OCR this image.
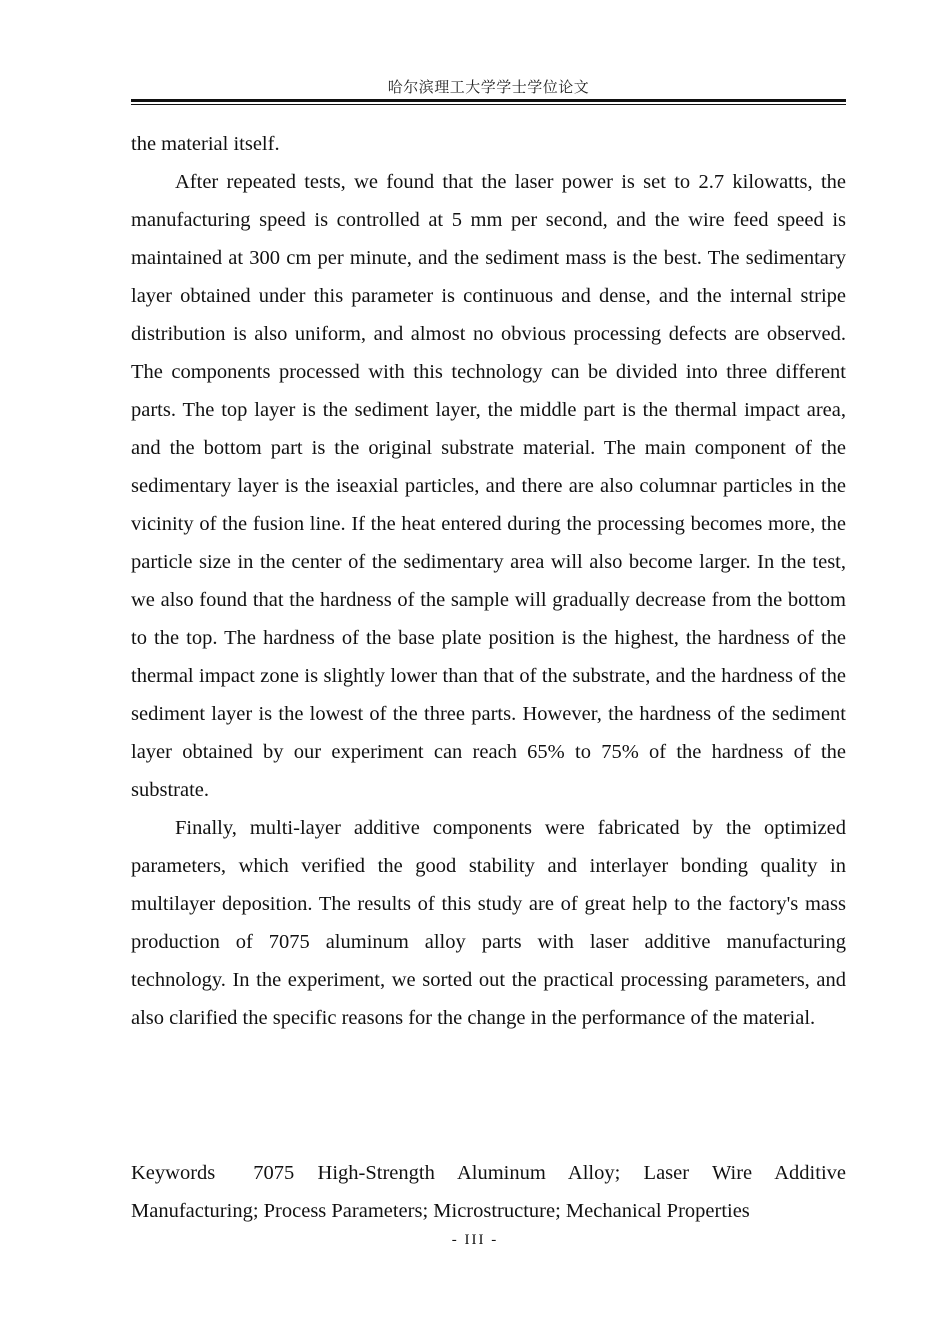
哈尔滨理工大学学士学位论文

the material itself.

After repeated tests, we found that the laser power is set to 2.7 kilowatts, the manufacturing speed is controlled at 5 mm per second, and the wire feed speed is maintained at 300 cm per minute, and the sediment mass is the best. The sedimentary layer obtained under this parameter is continuous and dense, and the internal stripe distribution is also uniform, and almost no obvious processing defects are observed. The components processed with this technology can be divided into three different parts. The top layer is the sediment layer, the middle part is the thermal impact area, and the bottom part is the original substrate material. The main component of the sedimentary layer is the iseaxial particles, and there are also columnar particles in the vicinity of the fusion line. If the heat entered during the processing becomes more, the particle size in the center of the sedimentary area will also become larger. In the test, we also found that the hardness of the sample will gradually decrease from the bottom to the top. The hardness of the base plate position is the highest, the hardness of the thermal impact zone is slightly lower than that of the substrate, and the hardness of the sediment layer is the lowest of the three parts. However, the hardness of the sediment layer obtained by our experiment can reach 65% to 75% of the hardness of the substrate.

Finally, multi-layer additive components were fabricated by the optimized parameters, which verified the good stability and interlayer bonding quality in multilayer deposition. The results of this study are of great help to the factory's mass production of 7075 aluminum alloy parts with laser additive manufacturing technology. In the experiment, we sorted out the practical processing parameters, and also clarified the specific reasons for the change in the performance of the material.

Keywords 7075 High-Strength Aluminum Alloy; Laser Wire Additive Manufacturing; Process Parameters; Microstructure; Mechanical Properties
- III -
